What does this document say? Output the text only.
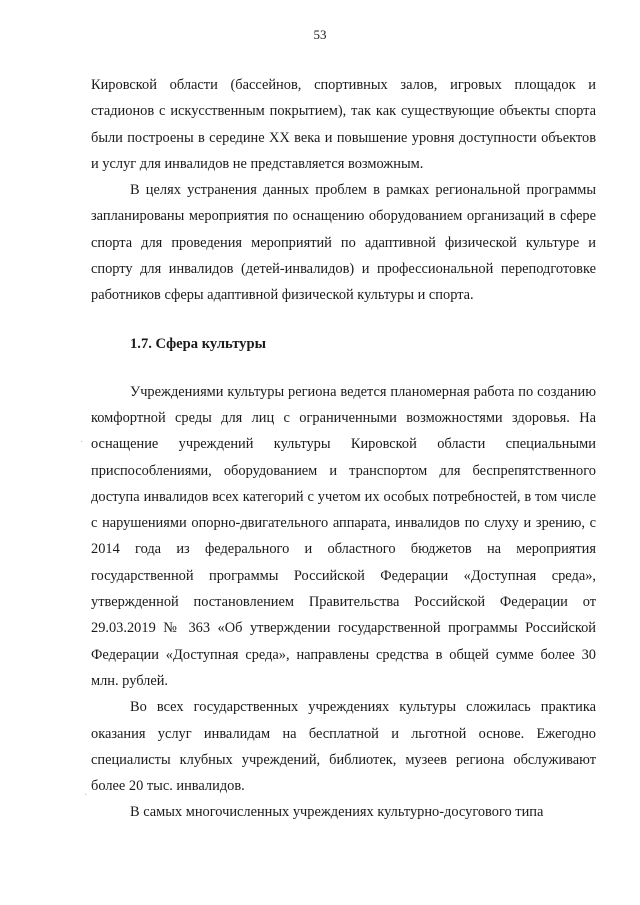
53

Кировской области (бассейнов, спортивных залов, игровых площадок и стадионов с искусственным покрытием), так как существующие объекты спорта были построены в середине XX века и повышение уровня доступности объектов и услуг для инвалидов не представляется возможным.

В целях устранения данных проблем в рамках региональной программы запланированы мероприятия по оснащению оборудованием организаций в сфере спорта для проведения мероприятий по адаптивной физической культуре и спорту для инвалидов (детей-инвалидов) и профессиональной переподготовке работников сферы адаптивной физической культуры и спорта.

1.7. Сфера культуры

Учреждениями культуры региона ведется планомерная работа по созданию комфортной среды для лиц с ограниченными возможностями здоровья. На оснащение учреждений культуры Кировской области специальными приспособлениями, оборудованием и транспортом для беспрепятственного доступа инвалидов всех категорий с учетом их особых потребностей, в том числе с нарушениями опорно-двигательного аппарата, инвалидов по слуху и зрению, с 2014 года из федерального и областного бюджетов на мероприятия государственной программы Российской Федерации «Доступная среда», утвержденной постановлением Правительства Российской Федерации от 29.03.2019 № 363 «Об утверждении государственной программы Российской Федерации «Доступная среда», направлены средства в общей сумме более 30 млн. рублей.

Во всех государственных учреждениях культуры сложилась практика оказания услуг инвалидам на бесплатной и льготной основе. Ежегодно специалисты клубных учреждений, библиотек, музеев региона обслуживают более 20 тыс. инвалидов.

В самых многочисленных учреждениях культурно-досугового типа

·
·
